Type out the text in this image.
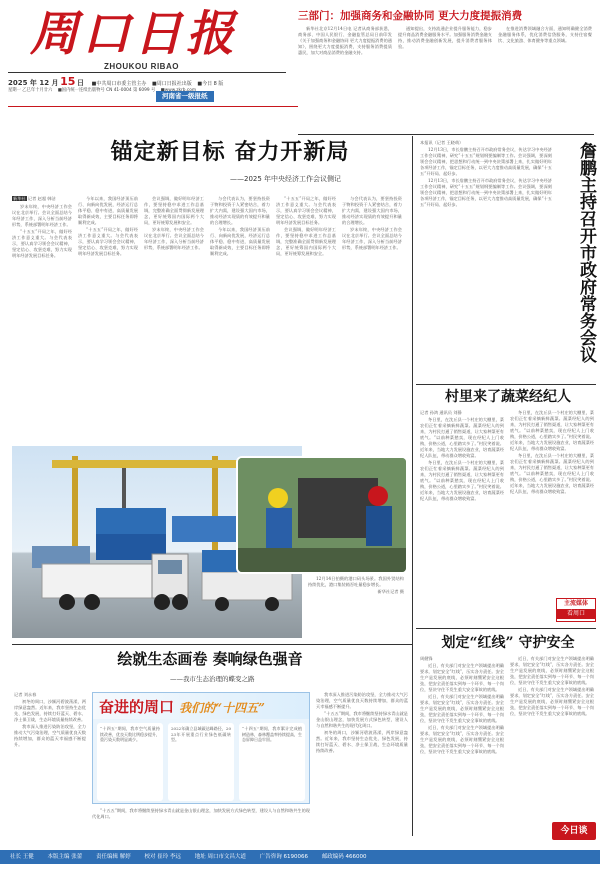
周口日报
ZHOUKOU RIBAO
2025 年 12 月 15 日 ■中共周口市委主管主办 ■周口日报社出版 ■今日 8 版
星期一 乙巳年十月廿六 ■国内统一连续出版物号 CN 41-0004 第 6099 号
河南省一级报纸
三部门：加强商务和金融协同 更大力度提振消费

新华社北京12月14日电 记者从商务部获悉，商务部、中国人民银行、金融监管总局日前印发《关于加强商务和金融协同 更大力度提振消费的通知》，围绕更大力度提振消费，支持服务消费提质惠民，加大对商品消费的金融支持。

通知提出，支持流通企业提升服务能力，稳步提升商品消费金融服务水平。加强服务消费金融支持，推动消费金融创新发展，提升消费者服务体验。

在推进消费领域融合方面，通知明确健全消费金融服务体系，优化消费信贷服务，支持住宿餐饮、文化旅游、体育健身等重点领域。

锚定新目标 奋力开新局
——2025 年中央经济工作会议侧记
新华社 记者 赵超 韩洁

岁末年终，中央经济工作会议在北京举行。会议全面总结今年经济工作，深入分析当前经济形势，系统部署明年经济工作。

“十五五”开局之年，做好经济工作意义重大。与会代表表示，要认真学习领会会议精神，坚定信心、攻坚克难，努力实现明年经济发展目标任务。

今年以来，我国经济顶压前行、向新向优发展，经济运行总体平稳、稳中有进，高质量发展取得新成效，主要目标任务即将顺利完成。

“十五五”开局之年，做好经济工作意义重大。与会代表表示，要认真学习领会会议精神，坚定信心、攻坚克难，努力实现明年经济发展目标任务。

会议强调，做好明年经济工作，要坚持稳中求进工作总基调，完整准确全面贯彻新发展理念，更好统筹国内国际两个大局，更好统筹发展和安全。

岁末年终，中央经济工作会议在北京举行。会议全面总结今年经济工作，深入分析当前经济形势，系统部署明年经济工作。

与会代表认为，要坚持投资于物和投资于人紧密结合，着力扩大内需，建设强大国内市场，推动经济实现质的有效提升和量的合理增长。

今年以来，我国经济顶压前行、向新向优发展，经济运行总体平稳、稳中有进，高质量发展取得新成效，主要目标任务即将顺利完成。

“十五五”开局之年，做好经济工作意义重大。与会代表表示，要认真学习领会会议精神，坚定信心、攻坚克难，努力实现明年经济发展目标任务。

会议强调，做好明年经济工作，要坚持稳中求进工作总基调，完整准确全面贯彻新发展理念，更好统筹国内国际两个大局，更好统筹发展和安全。

与会代表认为，要坚持投资于物和投资于人紧密结合，着力扩大内需，建设强大国内市场，推动经济实现质的有效提升和量的合理增长。

岁末年终，中央经济工作会议在北京举行。会议全面总结今年经济工作，深入分析当前经济形势，系统部署明年经济工作。

12月14日拍摄的港口码头场景。我国外贸结构持续优化，港口集装箱吞吐量稳步增长。

新华社记者 摄

本报讯（记者 王晓萌）

12月13日，市长詹鹏主持召开市政府常务会议，传达学习中央经济工作会议精神，研究“十五五”规划纲要编制等工作。会议强调，要深刻领会会议精神，把思想和行动统一到中央决策部署上来，扎实做好明年各项经济工作，锚定目标任务，以更大力度推动高质量发展，确保“十五五”开好局、起好步。

12月13日，市长詹鹏主持召开市政府常务会议，传达学习中央经济工作会议精神，研究“十五五”规划纲要编制等工作。会议强调，要深刻领会会议精神，把思想和行动统一到中央决策部署上来，扎实做好明年各项经济工作，锚定目标任务，以更大力度推动高质量发展，确保“十五五”开好局、起好步。	詹鹏主持召开市政府常务会议
村里来了蔬菜经纪人
记者 孙鸿 通讯员 刘静

冬日里，在沈丘县一个村庄的大棚里，菜农们正忙着采摘新鲜蔬菜。蔬菜经纪人的到来，为村民打通了销售渠道，让大家种菜更有底气。“以前种菜愁卖，现在经纪人上门收购，价格公道，心里踏实多了。”村民笑着说。近年来，当地大力发展设施农业，培育蔬菜经纪人队伍，带动群众增收致富。

冬日里，在沈丘县一个村庄的大棚里，菜农们正忙着采摘新鲜蔬菜。蔬菜经纪人的到来，为村民打通了销售渠道，让大家种菜更有底气。“以前种菜愁卖，现在经纪人上门收购，价格公道，心里踏实多了。”村民笑着说。近年来，当地大力发展设施农业，培育蔬菜经纪人队伍，带动群众增收致富。

冬日里，在沈丘县一个村庄的大棚里，菜农们正忙着采摘新鲜蔬菜。蔬菜经纪人的到来，为村民打通了销售渠道，让大家种菜更有底气。“以前种菜愁卖，现在经纪人上门收购，价格公道，心里踏实多了。”村民笑着说。近年来，当地大力发展设施农业，培育蔬菜经纪人队伍，带动群众增收致富。

冬日里，在沈丘县一个村庄的大棚里，菜农们正忙着采摘新鲜蔬菜。蔬菜经纪人的到来，为村民打通了销售渠道，让大家种菜更有底气。“以前种菜愁卖，现在经纪人上门收购，价格公道，心里踏实多了。”村民笑着说。近年来，当地大力发展设施农业，培育蔬菜经纪人队伍，带动群众增收致富。

主流媒体
看周口
划定“红线” 守护安全
周健锋

近日，有关部门对安全生产领域提出明确要求，划定安全“红线”，压实各方责任。安全生产是发展的底线，必须时刻绷紧安全这根弦，把安全责任落实到每一个环节、每一个岗位，坚决守住不发生重大安全事故的底线。

近日，有关部门对安全生产领域提出明确要求，划定安全“红线”，压实各方责任。安全生产是发展的底线，必须时刻绷紧安全这根弦，把安全责任落实到每一个环节、每一个岗位，坚决守住不发生重大安全事故的底线。

近日，有关部门对安全生产领域提出明确要求，划定安全“红线”，压实各方责任。安全生产是发展的底线，必须时刻绷紧安全这根弦，把安全责任落实到每一个环节、每一个岗位，坚决守住不发生重大安全事故的底线。

近日，有关部门对安全生产领域提出明确要求，划定安全“红线”，压实各方责任。安全生产是发展的底线，必须时刻绷紧安全这根弦，把安全责任落实到每一个环节、每一个岗位，坚决守住不发生重大安全事故的底线。

近日，有关部门对安全生产领域提出明确要求，划定安全“红线”，压实各方责任。安全生产是发展的底线，必须时刻绷紧安全这根弦，把安全责任落实到每一个环节、每一个岗位，坚决守住不发生重大安全事故的底线。

今日谈
绘就生态画卷 奏响绿色强音
——我市生态治理的蝶变之路
记者 刘永春

初冬的周口，沙颍河碧波荡漾，两岸绿意盎然。近年来，我市坚持生态优先、绿色发展，持续打好蓝天、碧水、净土保卫战，生态环境质量持续改善。

我市深入推进污染防治攻坚，全力推动大气污染治理，空气质量优良天数持续增加，群众的蓝天幸福感不断提升。

奋进的周口 我们的“十四五”
“十四五”期间，我市空气质量持续改善，优良天数比例稳步提升，重污染天数明显减少。
2022年确立县域碳达峰路径，2023年开展重点行业绿色低碳转型。
“十四五”期间，我市累计完成植树造林，森林覆盖率持续提高，生态屏障日益牢固。

“十五五”期间，我市将继续坚持绿水青山就是金山银山理念，加快发展方式绿色转型，建设人与自然和谐共生的现代化周口。

我市深入推进污染防治攻坚，全力推动大气污染治理，空气质量优良天数持续增加，群众的蓝天幸福感不断提升。

“十五五”期间，我市将继续坚持绿水青山就是金山银山理念，加快发展方式绿色转型，建设人与自然和谐共生的现代化周口。

初冬的周口，沙颍河碧波荡漾，两岸绿意盎然。近年来，我市坚持生态优先、绿色发展，持续打好蓝天、碧水、净土保卫战，生态环境质量持续改善。

社长 王健	本版主编 张蕾	责任编辑 解婷	校对 崔玲 李远	地址 周口市文昌大道	广告咨询 6190066	邮政编码 466000
